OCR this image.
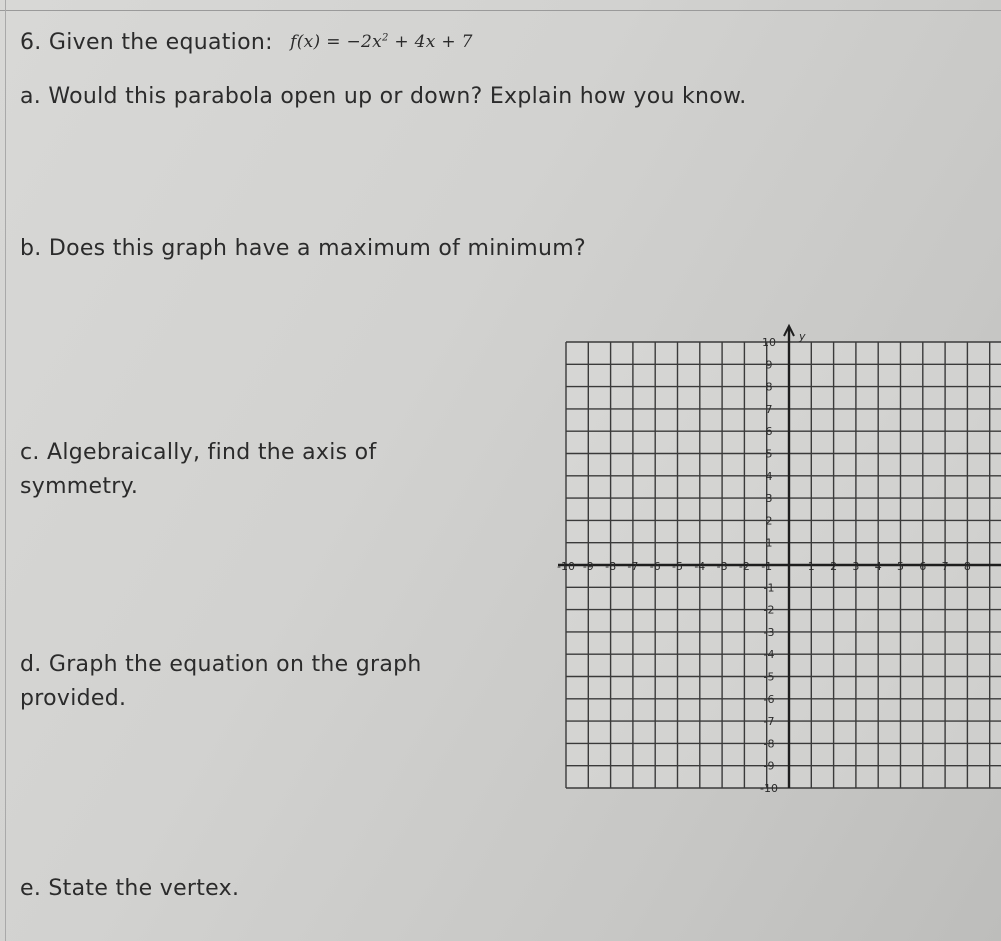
6. Given the equation: $f(x) = -2x^2 + 4x + 7$
a. Would this parabola open up or down? Explain how you know.
b. Does this graph have a maximum of minimum?
c. Algebraically, find the axis of symmetry.
d. Graph the equation on the graph provided.
e. State the vertex.
y
-10 -9 -8 -7 -6 -5 -4 -3 -2 -1	1 2 3 4 5 6 7 8
10
9
8
7
6
5
4
3
2
1
-1
-2
-3
-4
-5
-6
-7
-8
-9
-10
